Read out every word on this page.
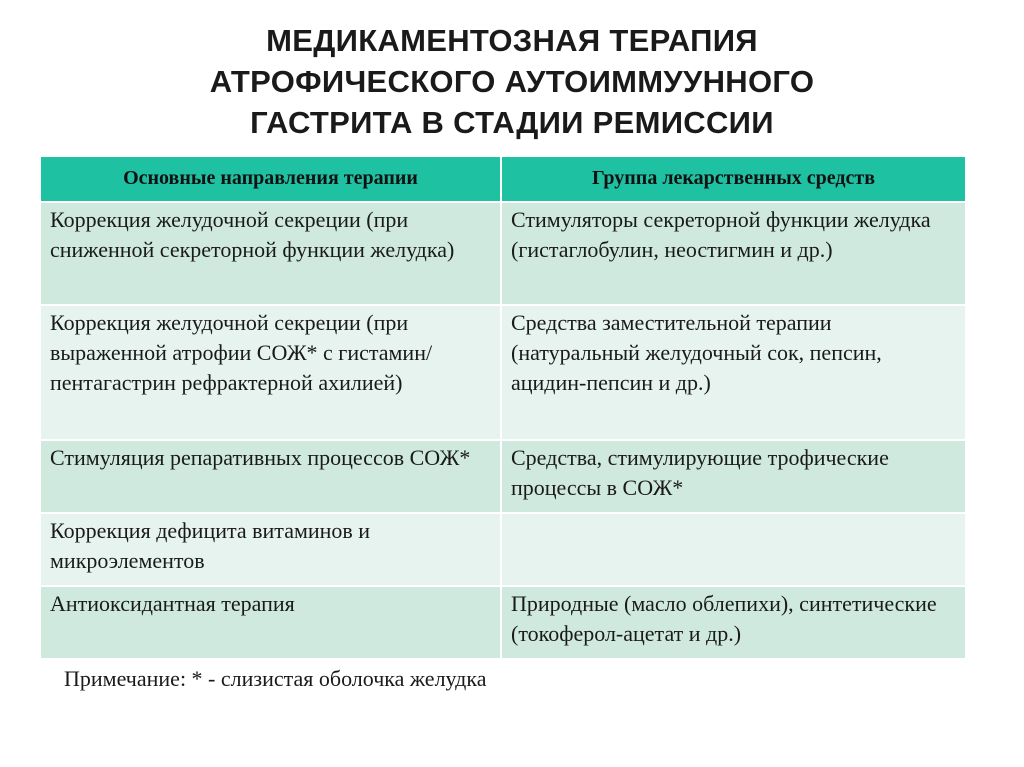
МЕДИКАМЕНТОЗНАЯ ТЕРАПИЯ
АТРОФИЧЕСКОГО АУТОИММУУННОГО
ГАСТРИТА В СТАДИИ РЕМИССИИ
Основные направления терапии	Группа лекарственных средств
Коррекция желудочной секреции (при сниженной секреторной функции желудка)	Стимуляторы секреторной функции желудка (гистаглобулин, неостигмин и др.)
Коррекция желудочной секреции (при выраженной атрофии СОЖ* с гистамин/пентагастрин рефрактерной ахилией)	Средства заместительной терапии (натуральный желудочный сок, пепсин, ацидин-пепсин и др.)
Стимуляция репаративных процессов СОЖ*	Средства, стимулирующие трофические процессы в СОЖ*
Коррекция дефицита витаминов и микроэлементов	
Антиоксидантная терапия	Природные (масло облепихи), синтетические (токоферол-ацетат и др.)
Примечание: * - слизистая оболочка желудка
